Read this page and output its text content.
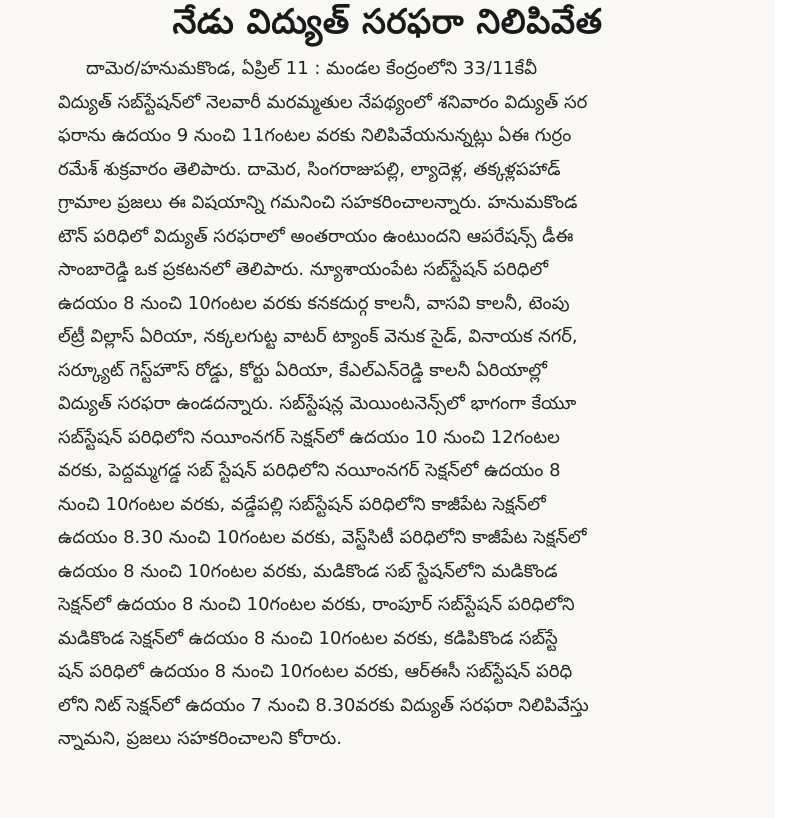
నేడు విద్యుత్‌ సరఫరా నిలిపివేత
దామెర/హనుమకొండ, ఏప్రిల్‌ 11 : మండల కేంద్రంలోని 33/11కేవీ
విద్యుత్‌ సబ్‌స్టేషన్‌లో నెలవారీ మరమ్మతుల నేపథ్యంలో శనివారం విద్యుత్‌ సర
ఫరాను ఉదయం 9 నుంచి 11గంటల వరకు నిలిపివేయనున్నట్లు ఏఈ గుర్రం
రమేశ్‌ శుక్రవారం తెలిపారు. దామెర, సింగరాజుపల్లి, ల్యాదెళ్ల, తక్కళ్లపహాడ్‌
గ్రామాల ప్రజలు ఈ విషయాన్ని గమనించి సహకరించాలన్నారు. హనుమకొండ
టౌన్‌ పరిధిలో విద్యుత్‌ సరఫరాలో అంతరాయం ఉంటుందని ఆపరేషన్స్‌ డీఈ
సాంబారెడ్డి ఒక ప్రకటనలో తెలిపారు. న్యూశాయంపేట సబ్‌స్టేషన్‌ పరిధిలో
ఉదయం 8 నుంచి 10గంటల వరకు కనకదుర్గ కాలనీ, వాసవి కాలనీ, టెంపు
ల్‌ట్రీ విల్లాస్‌ ఏరియా, నక్కలగుట్ట వాటర్‌ ట్యాంక్‌ వెనుక సైడ్‌, వినాయక నగర్‌,
సర్క్యూట్‌ గెస్ట్‌హౌస్‌ రోడ్డు, కోర్టు ఏరియా, కేఎల్‌ఎన్‌రెడ్డి కాలనీ ఏరియాల్లో
విద్యుత్‌ సరఫరా ఉండదన్నారు. సబ్‌స్టేషన్ల మెయింటనెన్స్‌లో భాగంగా కేయూ
సబ్‌స్టేషన్‌ పరిధిలోని నయీంనగర్‌ సెక్షన్‌లో ఉదయం 10 నుంచి 12గంటల
వరకు, పెద్దమ్మగడ్డ సబ్‌ స్టేషన్‌ పరిధిలోని నయీంనగర్‌ సెక్షన్‌లో ఉదయం 8
నుంచి 10గంటల వరకు, వడ్డేపల్లి సబ్‌స్టేషన్‌ పరిధిలోని కాజీపేట సెక్షన్‌లో
ఉదయం 8.30 నుంచి 10గంటల వరకు, వెస్ట్‌సిటీ పరిధిలోని కాజీపేట సెక్షన్‌లో
ఉదయం 8 నుంచి 10గంటల వరకు, మడికొండ సబ్‌ స్టేషన్‌లోని మడికొండ
సెక్షన్‌లో ఉదయం 8 నుంచి 10గంటల వరకు, రాంపూర్‌ సబ్‌స్టేషన్‌ పరిధిలోని
మడికొండ సెక్షన్‌లో ఉదయం 8 నుంచి 10గంటల వరకు, కడిపికొండ సబ్‌స్టే
షన్‌ పరిధిలో ఉదయం 8 నుంచి 10గంటల వరకు, ఆర్‌ఈసీ సబ్‌స్టేషన్‌ పరిధి
లోని నిట్‌ సెక్షన్‌లో ఉదయం 7 నుంచి 8.30వరకు విద్యుత్‌ సరఫరా నిలిపివేస్తు
న్నామని, ప్రజలు సహకరించాలని కోరారు.
